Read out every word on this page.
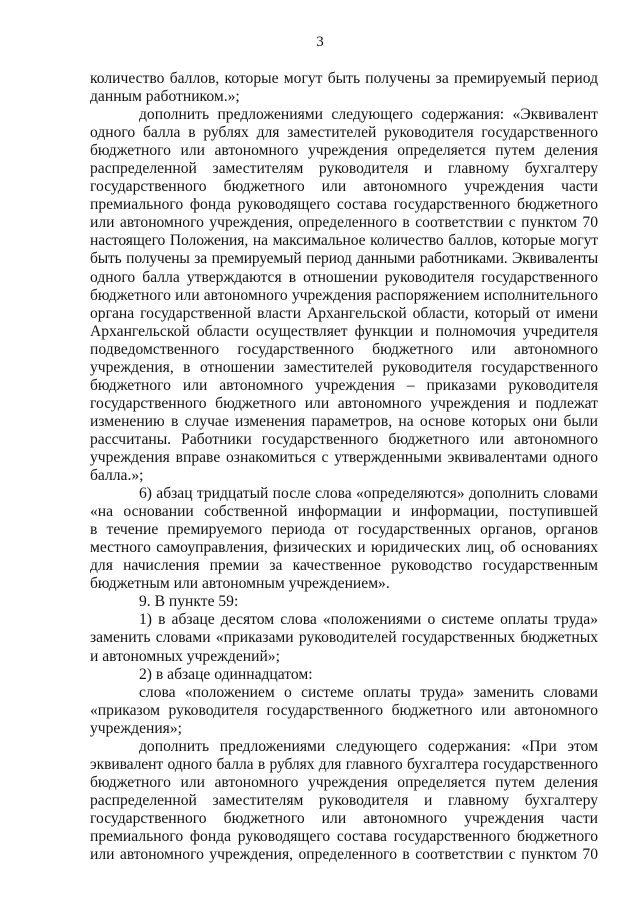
3

количество баллов, которые могут быть получены за премируемый период

данным работником.»;

дополнить предложениями следующего содержания: «Эквивалент

одного балла в рублях для заместителей руководителя государственного

бюджетного или автономного учреждения определяется путем деления

распределенной заместителям руководителя и главному бухгалтеру

государственного бюджетного или автономного учреждения части

премиального фонда руководящего состава государственного бюджетного

или автономного учреждения, определенного в соответствии с пунктом 70

настоящего Положения, на максимальное количество баллов, которые могут

быть получены за премируемый период данными работниками. Эквиваленты

одного балла утверждаются в отношении руководителя государственного

бюджетного или автономного учреждения распоряжением исполнительного

органа государственной власти Архангельской области, который от имени

Архангельской области осуществляет функции и полномочия учредителя

подведомственного государственного бюджетного или автономного

учреждения, в отношении заместителей руководителя государственного

бюджетного или автономного учреждения – приказами руководителя

государственного бюджетного или автономного учреждения и подлежат

изменению в случае изменения параметров, на основе которых они были

рассчитаны. Работники государственного бюджетного или автономного

учреждения вправе ознакомиться с утвержденными эквивалентами одного

балла.»;

6) абзац тридцатый после слова «определяются» дополнить словами

«на основании собственной информации и информации, поступившей

в течение премируемого периода от государственных органов, органов

местного самоуправления, физических и юридических лиц, об основаниях

для начисления премии за качественное руководство государственным

бюджетным или автономным учреждением».

9. В пункте 59:

1) в абзаце десятом слова «положениями о системе оплаты труда»

заменить словами «приказами руководителей государственных бюджетных

и автономных учреждений»;

2) в абзаце одиннадцатом:

слова «положением о системе оплаты труда» заменить словами

«приказом руководителя государственного бюджетного или автономного

учреждения»;

дополнить предложениями следующего содержания: «При этом

эквивалент одного балла в рублях для главного бухгалтера государственного

бюджетного или автономного учреждения определяется путем деления

распределенной заместителям руководителя и главному бухгалтеру

государственного бюджетного или автономного учреждения части

премиального фонда руководящего состава государственного бюджетного

или автономного учреждения, определенного в соответствии с пунктом 70
